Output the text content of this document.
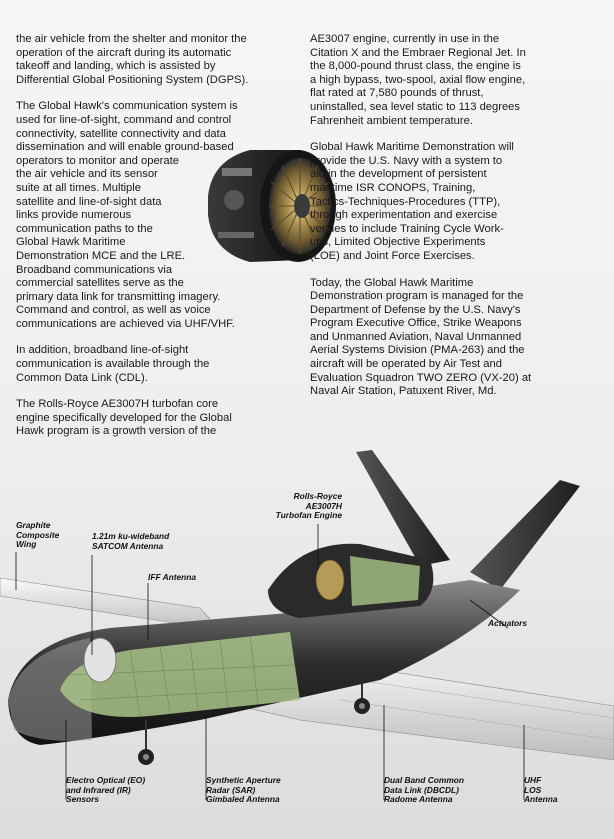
the air vehicle from the shelter and monitor the
operation of the aircraft during its automatic
takeoff and landing, which is assisted by
Differential Global Positioning System (DGPS).

The Global Hawk's communication system is
used for line-of-sight, command and control
connectivity, satellite connectivity and data
dissemination and will enable ground-based
operators to monitor and operate
the air vehicle and its sensor
suite at all times. Multiple
satellite and line-of-sight data
links provide numerous
communication paths to the
Global Hawk Maritime
Demonstration MCE and the LRE.
Broadband communications via
commercial satellites serve as the
primary data link for transmitting imagery.
Command and control, as well as voice
communications are achieved via UHF/VHF.

In addition, broadband line-of-sight
communication is available through the
Common Data Link (CDL).

The Rolls-Royce AE3007H turbofan core
engine specifically developed for the Global
Hawk program is a growth version of the

AE3007 engine, currently in use in the
Citation X and the Embraer Regional Jet. In
the 8,000-pound thrust class, the engine is
a high bypass, two-spool, axial flow engine,
flat rated at 7,580 pounds of thrust,
uninstalled, sea level static to 113 degrees
Fahrenheit ambient temperature.

Global Hawk Maritime Demonstration will
provide the U.S. Navy with a system to
aid in the development of persistent
maritime ISR CONOPS, Training,
Tactics-Techniques-Procedures (TTP),
through experimentation and exercise
venues to include Training Cycle Work-
ups, Limited Objective Experiments
(LOE) and Joint Force Exercises.

Today, the Global Hawk Maritime
Demonstration program is managed for the
Department of Defense by the U.S. Navy's
Program Executive Office, Strike Weapons
and Unmanned Aviation, Naval Unmanned
Aerial Systems Division (PMA-263) and the
aircraft will be operated by Air Test and
Evaluation Squadron TWO ZERO (VX-20) at
Naval Air Station, Patuxent River, Md.

Graphite
Composite
Wing
1.21m ku-wideband
SATCOM Antenna
IFF Antenna
Rolls-Royce
AE3007H
Turbofan Engine
Actuators
Electro Optical (EO)
and Infrared (IR)
Sensors
Synthetic Aperture
Radar (SAR)
Gimbaled Antenna
Dual Band Common
Data Link (DBCDL)
Radome Antenna
UHF
LOS
Antenna
